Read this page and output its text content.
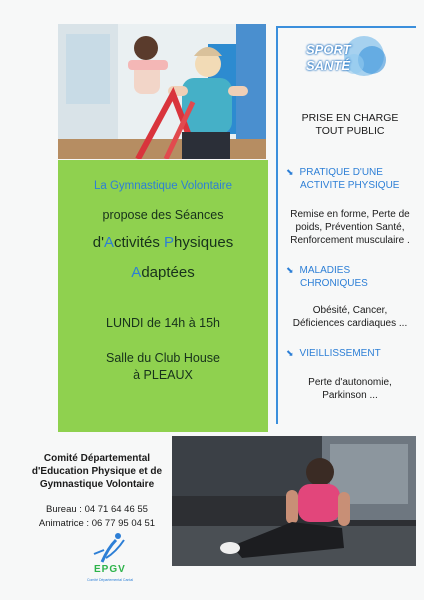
La Gymnastique Volontaire
propose des Séances
d'Activités Physiques
Adaptées
LUNDI de 14h à 15h
Salle du Club House
à PLEAUX
SPORT
SANTÉ
PRISE EN CHARGE
TOUT PUBLIC
⬊ PRATIQUE D'UNE
ACTIVITE PHYSIQUE
Remise en forme, Perte de
poids, Prévention Santé,
Renforcement musculaire .
⬊ MALADIES
CHRONIQUES
Obésité, Cancer,
Déficiences cardiaques ...
⬊ VIEILLISSEMENT
Perte d'autonomie,
Parkinson ...
Comité Départemental
d'Education Physique et de
Gymnastique Volontaire
Bureau : 04 71 64 46 55
Animatrice : 06 77 95 04 51
EPGV
Comité Départemental Cantal
